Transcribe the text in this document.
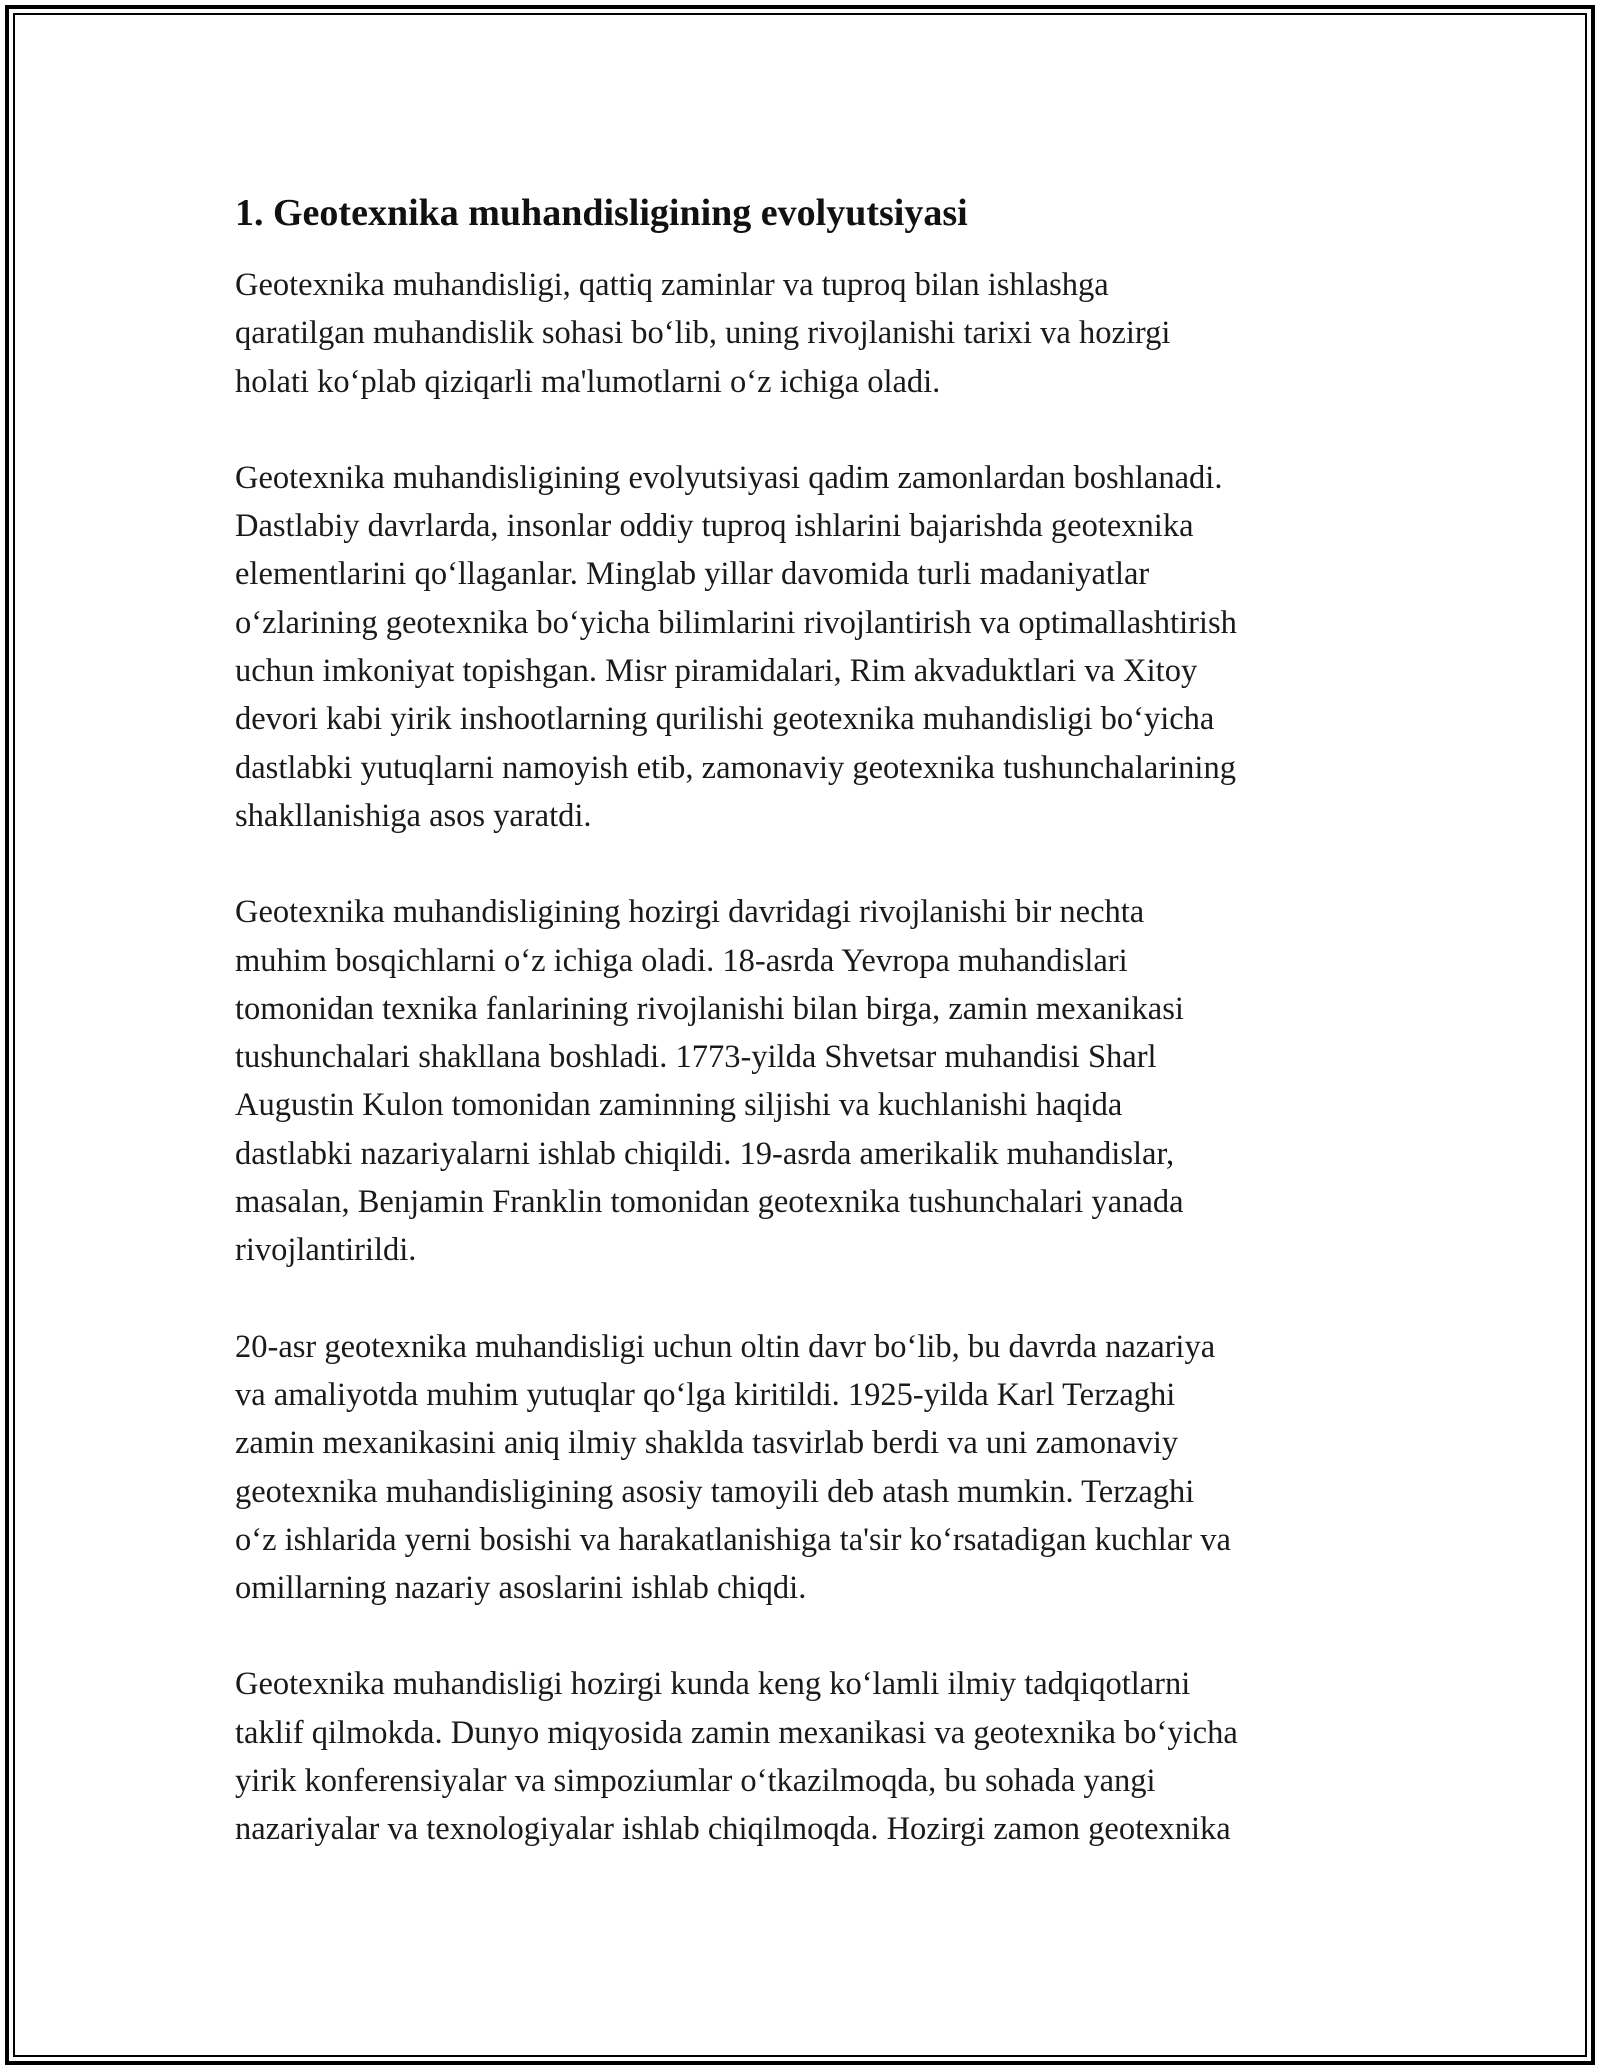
1. Geotexnika muhandisligining evolyutsiyasi

Geotexnika muhandisligi, qattiq zaminlar va tuproq bilan ishlashga
qaratilgan muhandislik sohasi bo‘lib, uning rivojlanishi tarixi va hozirgi
holati ko‘plab qiziqarli ma'lumotlarni o‘z ichiga oladi.

Geotexnika muhandisligining evolyutsiyasi qadim zamonlardan boshlanadi.
Dastlabiy davrlarda, insonlar oddiy tuproq ishlarini bajarishda geotexnika
elementlarini qo‘llaganlar. Minglab yillar davomida turli madaniyatlar
o‘zlarining geotexnika bo‘yicha bilimlarini rivojlantirish va optimallashtirish
uchun imkoniyat topishgan. Misr piramidalari, Rim akvaduktlari va Xitoy
devori kabi yirik inshootlarning qurilishi geotexnika muhandisligi bo‘yicha
dastlabki yutuqlarni namoyish etib, zamonaviy geotexnika tushunchalarining
shakllanishiga asos yaratdi.

Geotexnika muhandisligining hozirgi davridagi rivojlanishi bir nechta
muhim bosqichlarni o‘z ichiga oladi. 18-asrda Yevropa muhandislari
tomonidan texnika fanlarining rivojlanishi bilan birga, zamin mexanikasi
tushunchalari shakllana boshladi. 1773-yilda Shvetsar muhandisi Sharl
Augustin Kulon tomonidan zaminning siljishi va kuchlanishi haqida
dastlabki nazariyalarni ishlab chiqildi. 19-asrda amerikalik muhandislar,
masalan, Benjamin Franklin tomonidan geotexnika tushunchalari yanada
rivojlantirildi.

20-asr geotexnika muhandisligi uchun oltin davr bo‘lib, bu davrda nazariya
va amaliyotda muhim yutuqlar qo‘lga kiritildi. 1925-yilda Karl Terzaghi
zamin mexanikasini aniq ilmiy shaklda tasvirlab berdi va uni zamonaviy
geotexnika muhandisligining asosiy tamoyili deb atash mumkin. Terzaghi
o‘z ishlarida yerni bosishi va harakatlanishiga ta'sir ko‘rsatadigan kuchlar va
omillarning nazariy asoslarini ishlab chiqdi.

Geotexnika muhandisligi hozirgi kunda keng ko‘lamli ilmiy tadqiqotlarni
taklif qilmokda. Dunyo miqyosida zamin mexanikasi va geotexnika bo‘yicha
yirik konferensiyalar va simpoziumlar o‘tkazilmoqda, bu sohada yangi
nazariyalar va texnologiyalar ishlab chiqilmoqda. Hozirgi zamon geotexnika
